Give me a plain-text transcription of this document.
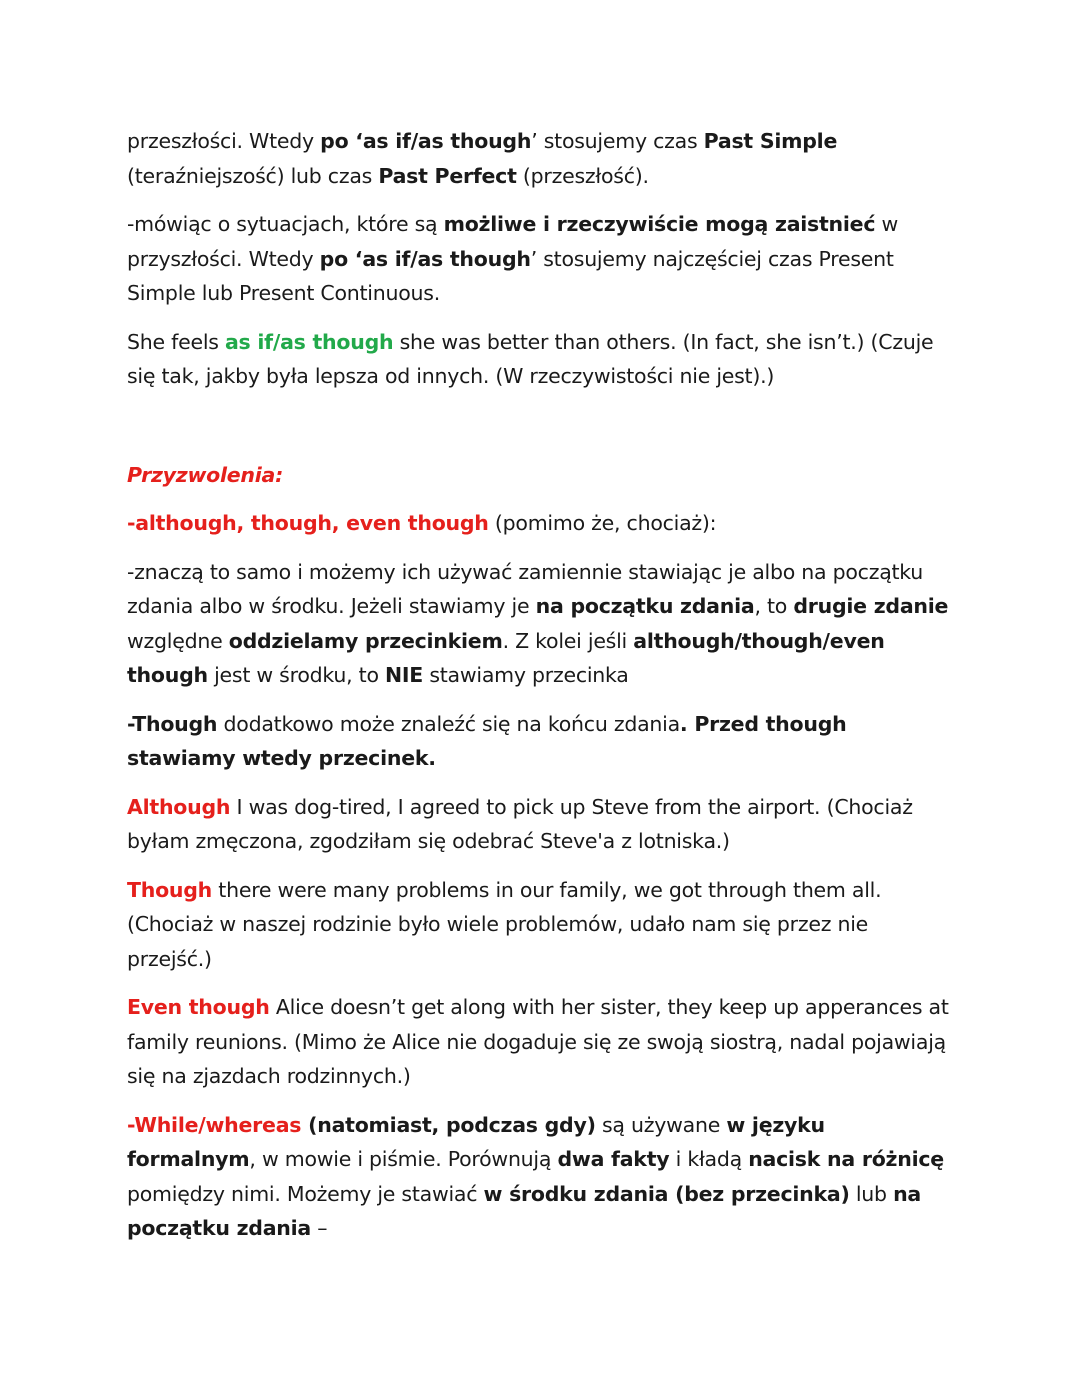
przeszłości. Wtedy po ‘as if/as though’ stosujemy czas Past Simple (teraźniejszość) lub czas Past Perfect (przeszłość).

-mówiąc o sytuacjach, które są możliwe i rzeczywiście mogą zaistnieć w przyszłości. Wtedy po ‘as if/as though’ stosujemy najczęściej czas Present Simple lub Present Continuous.

She feels as if/as though she was better than others. (In fact, she isn’t.) (Czuje się tak, jakby była lepsza od innych. (W rzeczywistości nie jest).)

Przyzwolenia:

-although, though, even though (pomimo że, chociaż):

-znaczą to samo i możemy ich używać zamiennie stawiając je albo na początku zdania albo w środku. Jeżeli stawiamy je na początku zdania, to drugie zdanie względne oddzielamy przecinkiem. Z kolei jeśli although/though/even though jest w środku, to NIE stawiamy przecinka

-Though dodatkowo może znaleźć się na końcu zdania. Przed though stawiamy wtedy przecinek.

Although I was dog-tired, I agreed to pick up Steve from the airport. (Chociaż byłam zmęczona, zgodziłam się odebrać Steve'a z lotniska.)

Though there were many problems in our family, we got through them all. (Chociaż w naszej rodzinie było wiele problemów, udało nam się przez nie przejść.)

Even though Alice doesn’t get along with her sister, they keep up apperances at family reunions. (Mimo że Alice nie dogaduje się ze swoją siostrą, nadal pojawiają się na zjazdach rodzinnych.)

-While/whereas (natomiast, podczas gdy) są używane w języku formalnym, w mowie i piśmie. Porównują dwa fakty i kładą nacisk na różnicę pomiędzy nimi. Możemy je stawiać w środku zdania (bez przecinka) lub na początku zdania –
